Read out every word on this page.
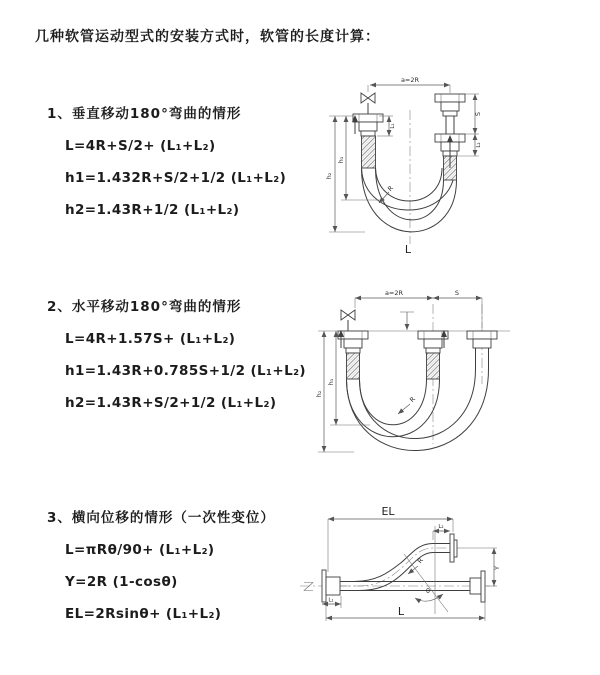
几种软管运动型式的安装方式时，软管的长度计算：
1、垂直移动180°弯曲的情形
L=4R+S/2+ (L₁+L₂)
h1=1.432R+S/2+1/2 (L₁+L₂)
h2=1.43R+1/2 (L₁+L₂)
2、水平移动180°弯曲的情形
L=4R+1.57S+ (L₁+L₂)
h1=1.43R+0.785S+1/2 (L₁+L₂)
h2=1.43R+S/2+1/2 (L₁+L₂)
3、横向位移的情形（一次性变位）
L=πRθ/90+ (L₁+L₂)
Y=2R (1-cosθ)
EL=2Rsinθ+ (L₁+L₂)
a=2R
h₂
h₁
L₁
S
L₂
R
L
a=2R	S
h₂
h₁
R
θ
R
EL
L₂
Y
L₁
L
